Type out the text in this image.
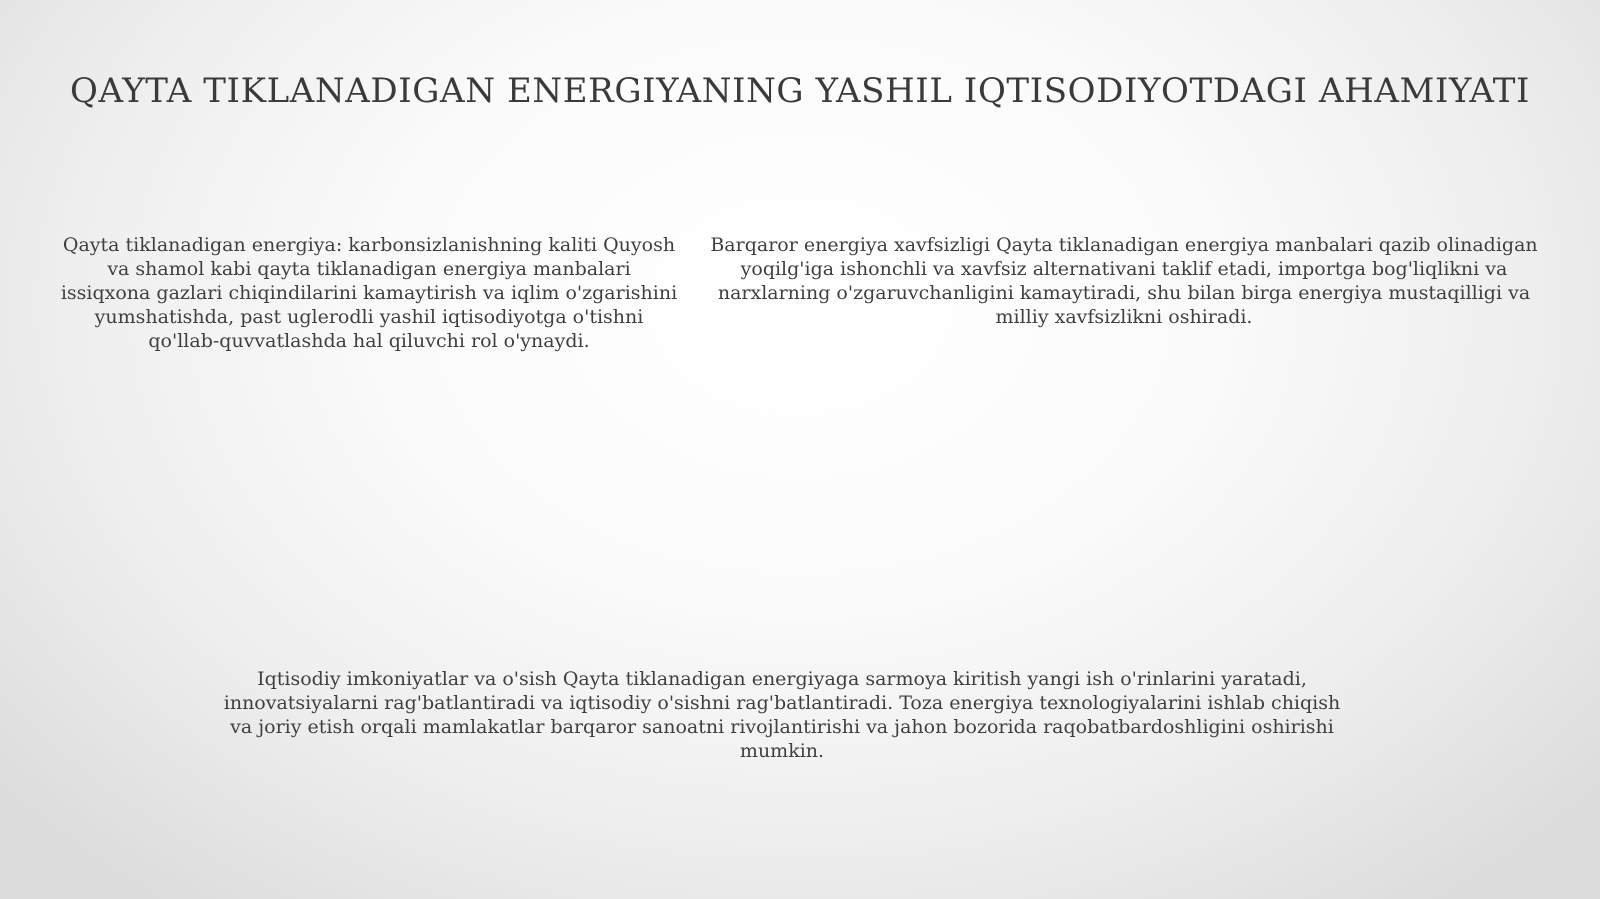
QAYTA TIKLANADIGAN ENERGIYANING YASHIL IQTISODIYOTDAGI AHAMIYATI

Qayta tiklanadigan energiya: karbonsizlanishning kaliti Quyosh va shamol kabi qayta tiklanadigan energiya manbalari issiqxona gazlari chiqindilarini kamaytirish va iqlim o'zgarishini yumshatishda, past uglerodli yashil iqtisodiyotga o'tishni qo'llab-quvvatlashda hal qiluvchi rol o'ynaydi.

Barqaror energiya xavfsizligi Qayta tiklanadigan energiya manbalari qazib olinadigan yoqilg'iga ishonchli va xavfsiz alternativani taklif etadi, importga bog'liqlikni va narxlarning o'zgaruvchanligini kamaytiradi, shu bilan birga energiya mustaqilligi va milliy xavfsizlikni oshiradi.

Iqtisodiy imkoniyatlar va o'sish Qayta tiklanadigan energiyaga sarmoya kiritish yangi ish o'rinlarini yaratadi, innovatsiyalarni rag'batlantiradi va iqtisodiy o'sishni rag'batlantiradi. Toza energiya texnologiyalarini ishlab chiqish va joriy etish orqali mamlakatlar barqaror sanoatni rivojlantirishi va jahon bozorida raqobatbardoshligini oshirishi mumkin.
